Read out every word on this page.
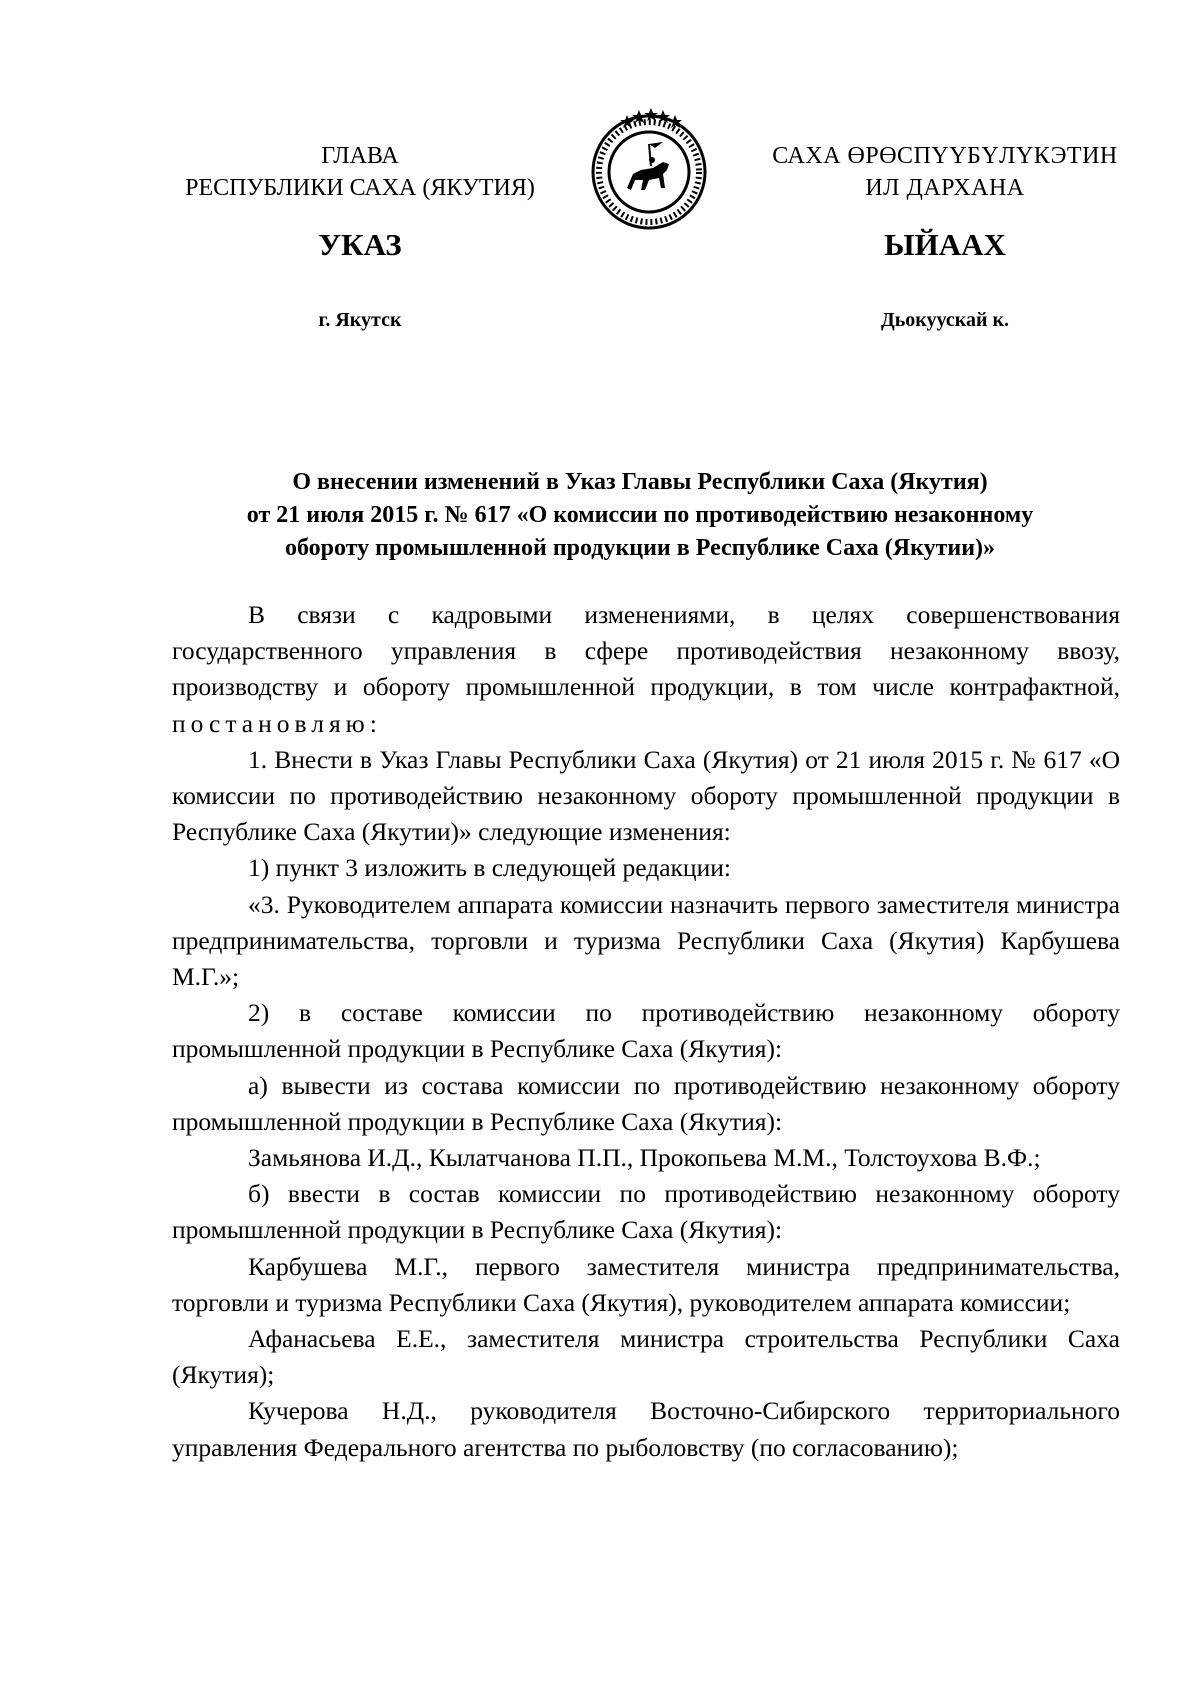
ГЛАВА
РЕСПУБЛИКИ САХА (ЯКУТИЯ)
САХА ӨРӨСПҮҮБҮЛҮКЭТИН
ИЛ ДАРХАНА
УКАЗ	ЫЙААХ
г. Якутск	Дьокуускай к.
О внесении изменений в Указ Главы Республики Саха (Якутия)
от 21 июля 2015 г. № 617 «О комиссии по противодействию незаконному
обороту промышленной продукции в Республике Саха (Якутии)»

В связи с кадровыми изменениями, в целях совершенствования государственного управления в сфере противодействия незаконному ввозу, производству и обороту промышленной продукции, в том числе контрафактной, постановляю:

1. Внести в Указ Главы Республики Саха (Якутия) от 21 июля 2015 г. № 617 «О комиссии по противодействию незаконному обороту промышленной продукции в Республике Саха (Якутии)» следующие изменения:

1) пункт 3 изложить в следующей редакции:

«3. Руководителем аппарата комиссии назначить первого заместителя министра предпринимательства, торговли и туризма Республики Саха (Якутия) Карбушева М.Г.»;

2) в составе комиссии по противодействию незаконному обороту промышленной продукции в Республике Саха (Якутия):

а) вывести из состава комиссии по противодействию незаконному обороту промышленной продукции в Республике Саха (Якутия):

Замьянова И.Д., Кылатчанова П.П., Прокопьева М.М., Толстоухова В.Ф.;

б) ввести в состав комиссии по противодействию незаконному обороту промышленной продукции в Республике Саха (Якутия):

Карбушева М.Г., первого заместителя министра предпринимательства, торговли и туризма Республики Саха (Якутия), руководителем аппарата комиссии;

Афанасьева Е.Е., заместителя министра строительства Республики Саха (Якутия);

Кучерова Н.Д., руководителя Восточно-Сибирского территориального управления Федерального агентства по рыболовству (по согласованию);
